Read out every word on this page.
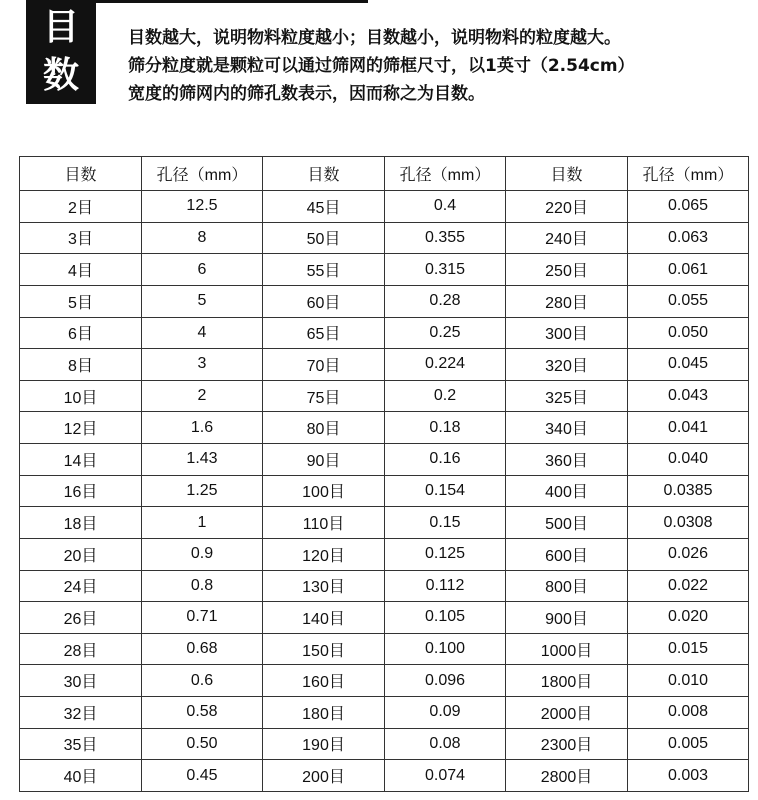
目
数

目数越大，说明物料粒度越小；目数越小，说明物料的粒度越大。

筛分粒度就是颗粒可以通过筛网的筛框尺寸，以1英寸（2.54cm）

宽度的筛网内的筛孔数表示，因而称之为目数。

目数	孔径（mm）	目数	孔径（mm）	目数	孔径（mm）
2目	12.5	45目	0.4	220目	0.065
3目	8	50目	0.355	240目	0.063
4目	6	55目	0.315	250目	0.061
5目	5	60目	0.28	280目	0.055
6目	4	65目	0.25	300目	0.050
8目	3	70目	0.224	320目	0.045
10目	2	75目	0.2	325目	0.043
12目	1.6	80目	0.18	340目	0.041
14目	1.43	90目	0.16	360目	0.040
16目	1.25	100目	0.154	400目	0.0385
18目	1	110目	0.15	500目	0.0308
20目	0.9	120目	0.125	600目	0.026
24目	0.8	130目	0.112	800目	0.022
26目	0.71	140目	0.105	900目	0.020
28目	0.68	150目	0.100	1000目	0.015
30目	0.6	160目	0.096	1800目	0.010
32目	0.58	180目	0.09	2000目	0.008
35目	0.50	190目	0.08	2300目	0.005
40目	0.45	200目	0.074	2800目	0.003
